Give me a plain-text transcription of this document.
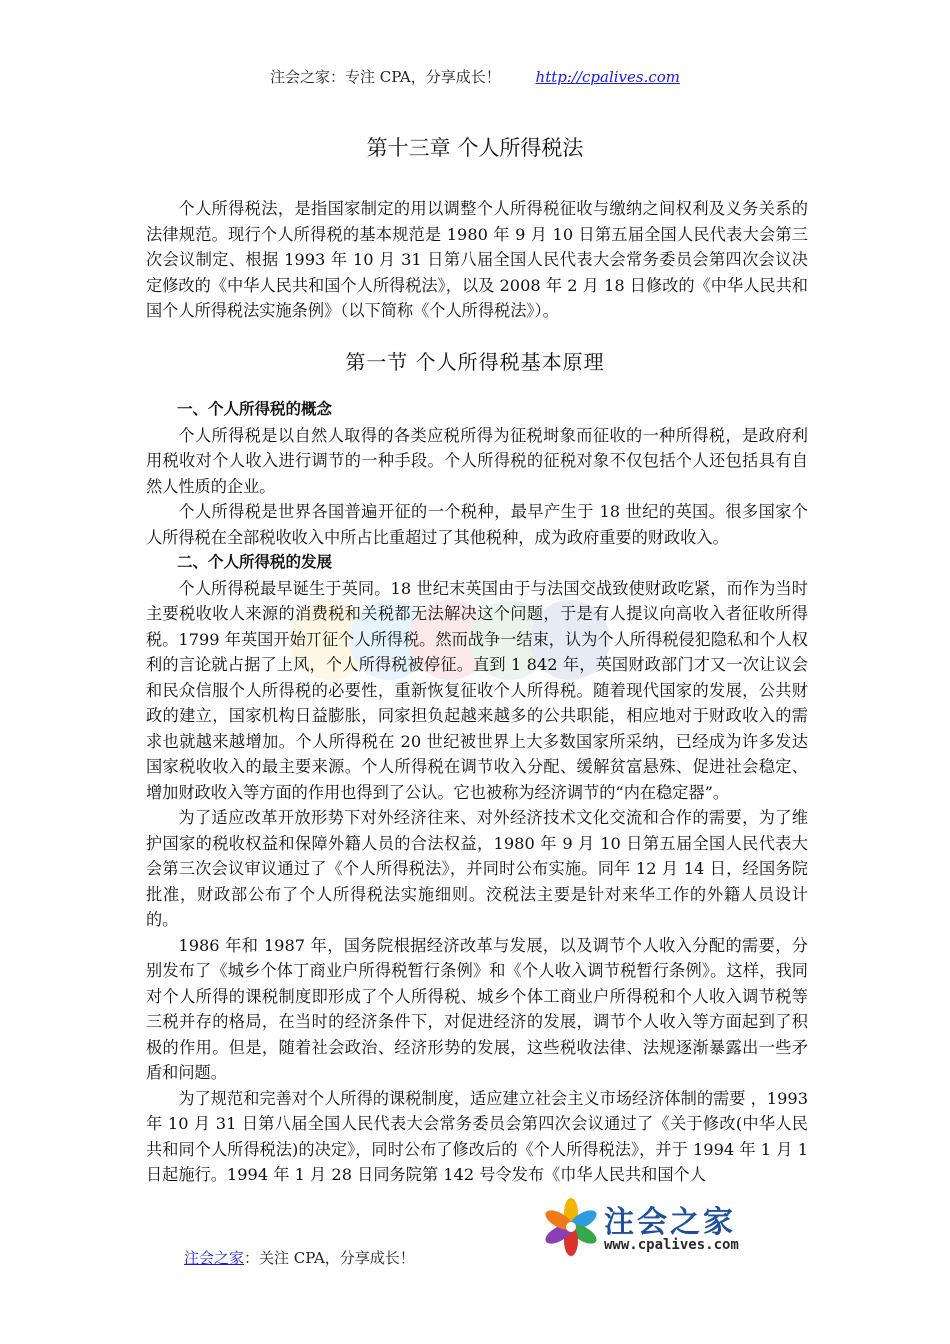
注会之家：专注 CPA，分享成长！ http://cpalives.com
第十三章 个人所得税法

个人所得税法，是指国家制定的用以调整个人所得税征收与缴纳之间权利及义务关系的法律规范。现行个人所得税的基本规范是 1980 年 9 月 10 日第五届全国人民代表大会第三次会议制定、根据 1993 年 10 月 31 日第八届全国人民代表大会常务委员会第四次会议决定修改的《中华人民共和国个人所得税法》，以及 2008 年 2 月 18 日修改的《中华人民共和国个人所得税法实施条例》（以下简称《个人所得税法》）。

第一节 个人所得税基本原理
一、个人所得税的概念

个人所得税是以自然人取得的各类应税所得为征税埘象而征收的一种所得税，是政府利用税收对个人收入进行调节的一种手段。个人所得税的征税对象不仅包括个人还包括具有自然人性质的企业。

个人所得税是世界各国普遍开征的一个税种，最早产生于 18 世纪的英国。很多国家个人所得税在全部税收收入中所占比重超过了其他税种，成为政府重要的财政收入。

二、个人所得税的发展

个人所得税最早诞生于英同。18 世纪末英国由于与法国交战致使财政吃紧，而作为当时主要税收收人来源的消费税和关税都无法解决这个问题，于是有人提议向高收入者征收所得税。1799 年英国开始丌征个人所得税。然而战争一结束，认为个人所得税侵犯隐私和个人权利的言论就占据了上风，个人所得税被停征。直到 1 842 年，英国财政部门才又一次让议会和民众信服个人所得税的必要性，重新恢复征收个人所得税。随着现代国家的发展，公共财政的建立，国家机构日益膨胀，同家担负起越来越多的公共职能，相应地对于财政收入的需求也就越来越增加。个人所得税在 20 世纪被世界上大多数国家所采纳，已经成为许多发达国家税收收入的最主要来源。个人所得税在调节收入分配、缓解贫富悬殊、促进社会稳定、增加财政收入等方面的作用也得到了公认。它也被称为经济调节的“内在稳定器”。

为了适应改革开放形势下对外经济往来、对外经济技术文化交流和合作的需要，为了维护国家的税收权益和保障外籍人员的合法权益，1980 年 9 月 10 日第五届全国人民代表大会第三次会议审议通过了《个人所得税法》，并同时公布实施。同年 12 月 14 日，经国务院批准，财政部公布了个人所得税法实施细则。洨税法主要是针对来华工作的外籍人员设计的。

1986 年和 1987 年，国务院根据经济改革与发展，以及调节个人收入分配的需要，分别发布了《城乡个体丁商业户所得税暂行条例》和《个人收入调节税暂行条例》。这样，我同对个人所得的课税制度即形成了个人所得税、城乡个体工商业户所得税和个人收入调节税等三税并存的格局，在当时的经济条件下，对促进经济的发展，调节个人收入等方面起到了积极的作用。但是，随着社会政治、经济形势的发展，这些税收法律、法规逐渐暴露出一些矛盾和问题。

为了规范和完善对个人所得的课税制度，适应建立社会主义市场经济体制的需要 ，1993 年 10 月 31 日第八届全国人民代表大会常务委员会第四次会议通过了《关于修改(中华人民共和同个人所得税法)的决定》，同时公布了修改后的《个人所得税法》，并于 1994 年 1 月 1 日起施行。1994 年 1 月 28 日同务院第 142 号令发布《巾华人民共和国个人

注会之家
www.cpalives.com
注会之家：关注 CPA，分享成长！
